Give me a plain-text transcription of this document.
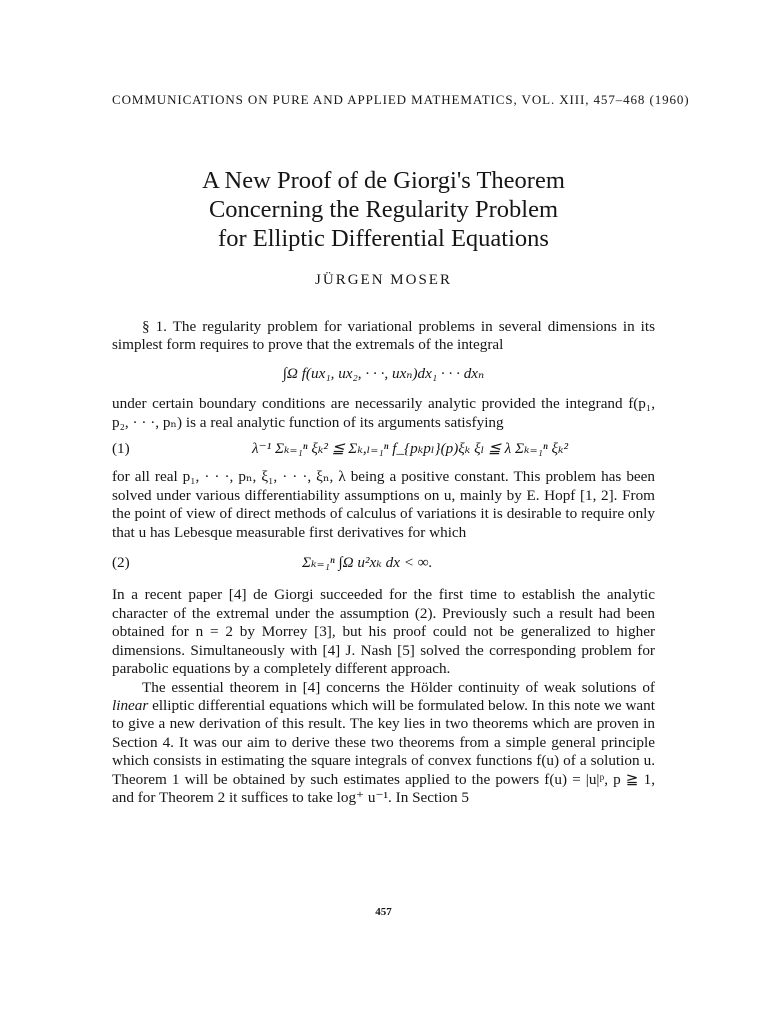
COMMUNICATIONS ON PURE AND APPLIED MATHEMATICS, VOL. XIII, 457–468 (1960)
A New Proof of de Giorgi's Theorem
Concerning the Regularity Problem
for Elliptic Differential Equations
JÜRGEN MOSER

§ 1. The regularity problem for variational problems in several dimensions in its simplest form requires to prove that the extremals of the integral

∫Ω f(ux₁, ux₂, · · ·, uxₙ)dx₁ · · · dxₙ

under certain boundary conditions are necessarily analytic provided the integrand f(p₁, p₂, · · ·, pₙ) is a real analytic function of its arguments satisfying

(1)	λ⁻¹ Σₖ₌₁ⁿ ξₖ² ≦ Σₖ,ₗ₌₁ⁿ f_{pₖpₗ}(p)ξₖ ξₗ ≦ λ Σₖ₌₁ⁿ ξₖ²

for all real p₁, · · ·, pₙ, ξ₁, · · ·, ξₙ, λ being a positive constant. This problem has been solved under various differentiability assumptions on u, mainly by E. Hopf [1, 2]. From the point of view of direct methods of calculus of variations it is desirable to require only that u has Lebesque measurable first derivatives for which

(2)	Σₖ₌₁ⁿ ∫Ω u²xₖ dx < ∞.

In a recent paper [4] de Giorgi succeeded for the first time to establish the analytic character of the extremal under the assumption (2). Previously such a result had been obtained for n = 2 by Morrey [3], but his proof could not be generalized to higher dimensions. Simultaneously with [4] J. Nash [5] solved the corresponding problem for parabolic equations by a completely different approach.

The essential theorem in [4] concerns the Hölder continuity of weak solutions of linear elliptic differential equations which will be formulated below. In this note we want to give a new derivation of this result. The key lies in two theorems which are proven in Section 4. It was our aim to derive these two theorems from a simple general principle which consists in estimating the square integrals of convex functions f(u) of a solution u. Theorem 1 will be obtained by such estimates applied to the powers f(u) = |u|ᵖ, p ≧ 1, and for Theorem 2 it suffices to take log⁺ u⁻¹. In Section 5

457
